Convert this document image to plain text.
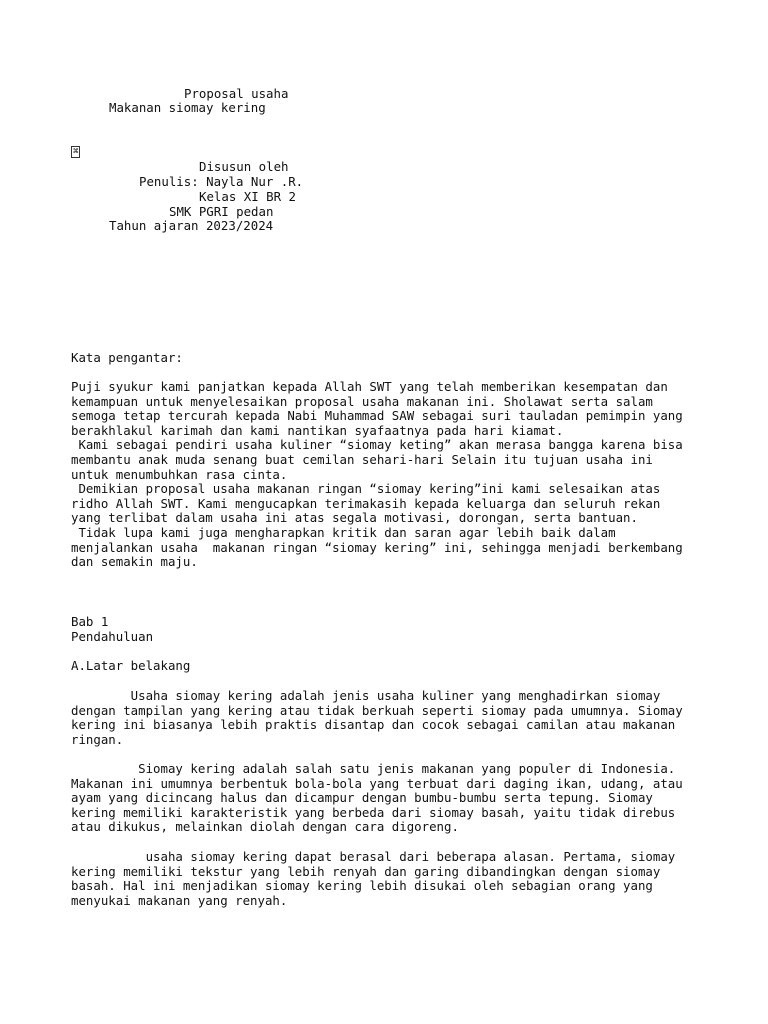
Proposal usaha
Makanan siomay kering
⌘
Disusun oleh
Penulis: Nayla Nur .R.
Kelas XI BR 2
SMK PGRI pedan
Tahun ajaran 2023/2024
Kata pengantar:
Puji syukur kami panjatkan kepada Allah SWT yang telah memberikan kesempatan dan
kemampuan untuk menyelesaikan proposal usaha makanan ini. Sholawat serta salam
semoga tetap tercurah kepada Nabi Muhammad SAW sebagai suri tauladan pemimpin yang
berakhlakul karimah dan kami nantikan syafaatnya pada hari kiamat.
Kami sebagai pendiri usaha kuliner “siomay keting” akan merasa bangga karena bisa
membantu anak muda senang buat cemilan sehari-hari Selain itu tujuan usaha ini
untuk menumbuhkan rasa cinta.
Demikian proposal usaha makanan ringan “siomay kering”ini kami selesaikan atas
ridho Allah SWT. Kami mengucapkan terimakasih kepada keluarga dan seluruh rekan
yang terlibat dalam usaha ini atas segala motivasi, dorongan, serta bantuan.
Tidak lupa kami juga mengharapkan kritik dan saran agar lebih baik dalam
menjalankan usaha  makanan ringan “siomay kering” ini, sehingga menjadi berkembang
dan semakin maju.
Bab 1
Pendahuluan
A.Latar belakang
Usaha siomay kering adalah jenis usaha kuliner yang menghadirkan siomay
dengan tampilan yang kering atau tidak berkuah seperti siomay pada umumnya. Siomay
kering ini biasanya lebih praktis disantap dan cocok sebagai camilan atau makanan
ringan.
Siomay kering adalah salah satu jenis makanan yang populer di Indonesia.
Makanan ini umumnya berbentuk bola-bola yang terbuat dari daging ikan, udang, atau
ayam yang dicincang halus dan dicampur dengan bumbu-bumbu serta tepung. Siomay
kering memiliki karakteristik yang berbeda dari siomay basah, yaitu tidak direbus
atau dikukus, melainkan diolah dengan cara digoreng.
usaha siomay kering dapat berasal dari beberapa alasan. Pertama, siomay
kering memiliki tekstur yang lebih renyah dan garing dibandingkan dengan siomay
basah. Hal ini menjadikan siomay kering lebih disukai oleh sebagian orang yang
menyukai makanan yang renyah.
